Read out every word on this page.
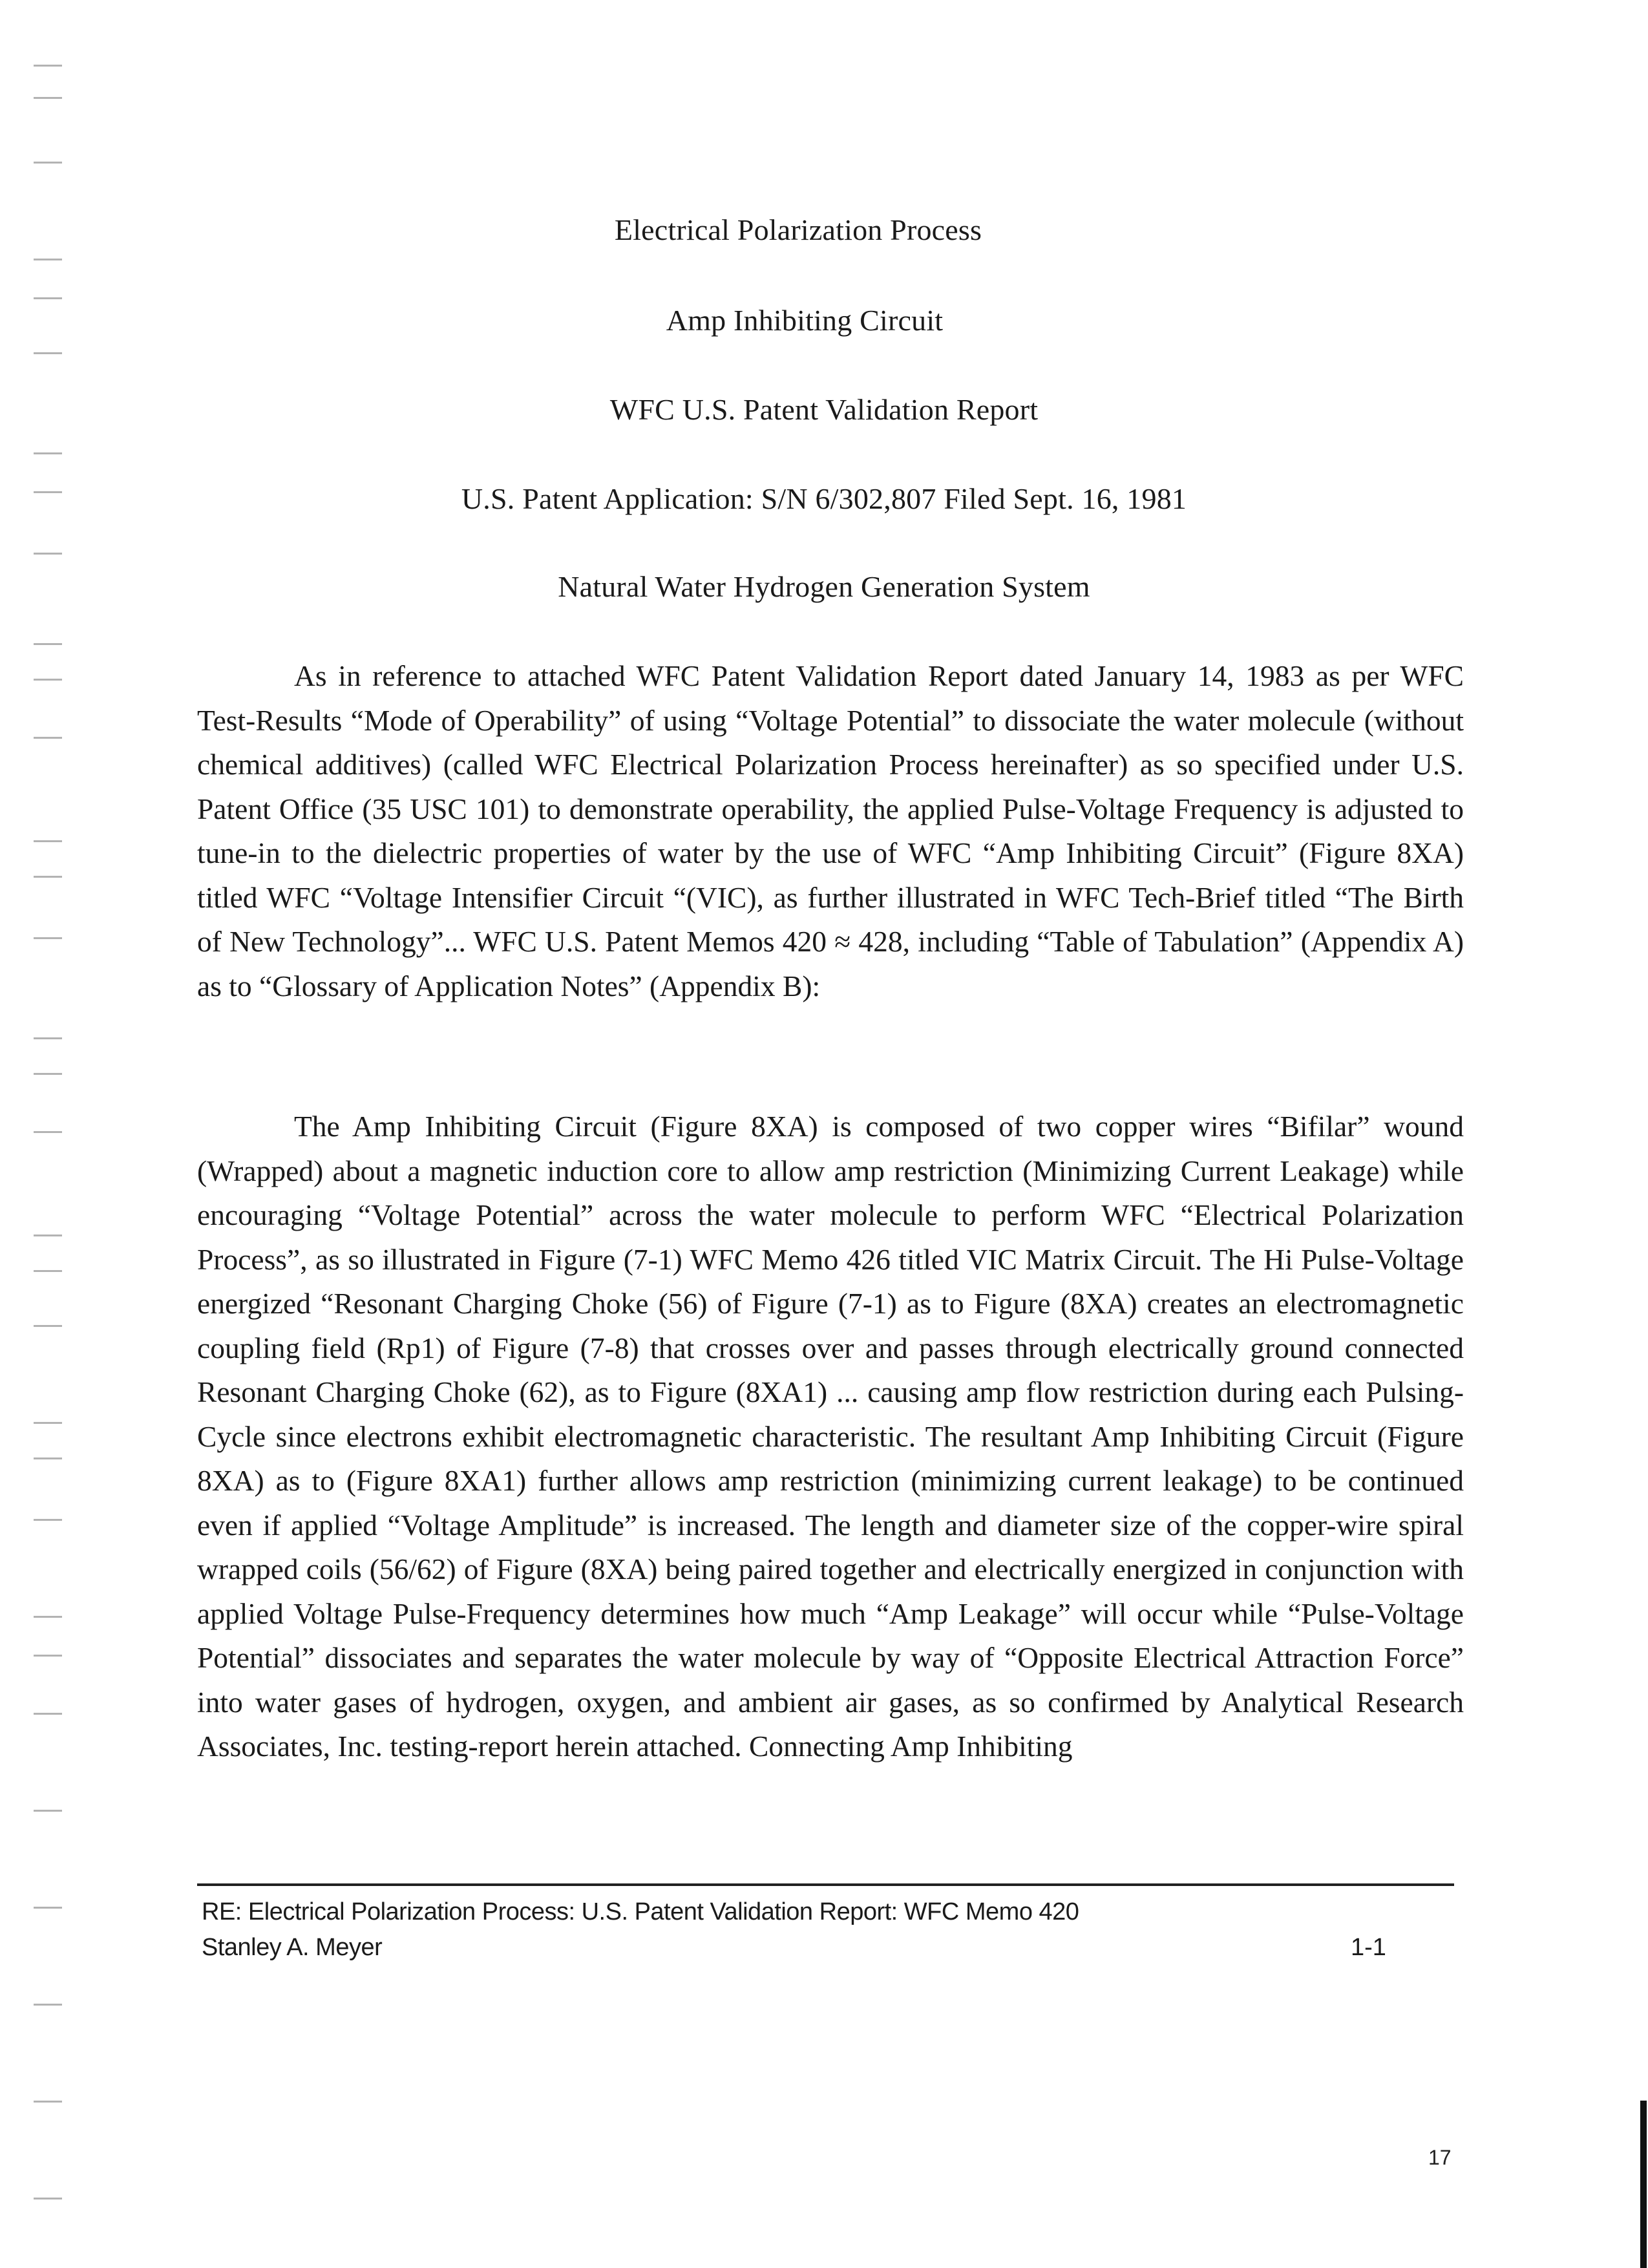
Electrical Polarization Process
Amp Inhibiting Circuit
WFC U.S. Patent Validation Report
U.S. Patent Application: S/N 6/302,807 Filed Sept. 16, 1981
Natural Water Hydrogen Generation System

As in reference to attached WFC Patent Validation Report dated January 14, 1983 as per WFC Test-Results “Mode of Operability” of using “Voltage Potential” to dissociate the water molecule (without chemical additives) (called WFC Electrical Polarization Process hereinafter) as so specified under U.S. Patent Office (35 USC 101) to demonstrate operability, the applied Pulse-Voltage Frequency is adjusted to tune-in to the dielectric properties of water by the use of WFC “Amp Inhibiting Circuit” (Figure 8XA) titled WFC “Voltage Intensifier Circuit “(VIC), as further illustrated in WFC Tech-Brief titled “The Birth of New Technology”... WFC U.S. Patent Memos 420 ≈ 428, including “Table of Tabulation” (Appendix A) as to “Glossary of Application Notes” (Appendix B):

The Amp Inhibiting Circuit (Figure 8XA) is composed of two copper wires “Bifilar” wound (Wrapped) about a magnetic induction core to allow amp restriction (Minimizing Current Leakage) while encouraging “Voltage Potential” across the water molecule to perform WFC “Electrical Polarization Process”, as so illustrated in Figure (7-1) WFC Memo 426 titled VIC Matrix Circuit. The Hi Pulse-Voltage energized “Resonant Charging Choke (56) of Figure (7-1) as to Figure (8XA) creates an electromagnetic coupling field (Rp1) of Figure (7-8) that crosses over and passes through electrically ground connected Resonant Charging Choke (62), as to Figure (8XA1) ... causing amp flow restriction during each Pulsing-Cycle since electrons exhibit electromagnetic characteristic. The resultant Amp Inhibiting Circuit (Figure 8XA) as to (Figure 8XA1) further allows amp restriction (minimizing current leakage) to be continued even if applied “Voltage Amplitude” is increased. The length and diameter size of the copper-wire spiral wrapped coils (56/62) of Figure (8XA) being paired together and electrically energized in conjunction with applied Voltage Pulse-Frequency determines how much “Amp Leakage” will occur while “Pulse-Voltage Potential” dissociates and separates the water molecule by way of “Opposite Electrical Attraction Force” into water gases of hydrogen, oxygen, and ambient air gases, as so confirmed by Analytical Research Associates, Inc. testing-report herein attached. Connecting Amp Inhibiting

RE: Electrical Polarization Process: U.S. Patent Validation Report: WFC Memo 420
Stanley A. Meyer	1-1
17
